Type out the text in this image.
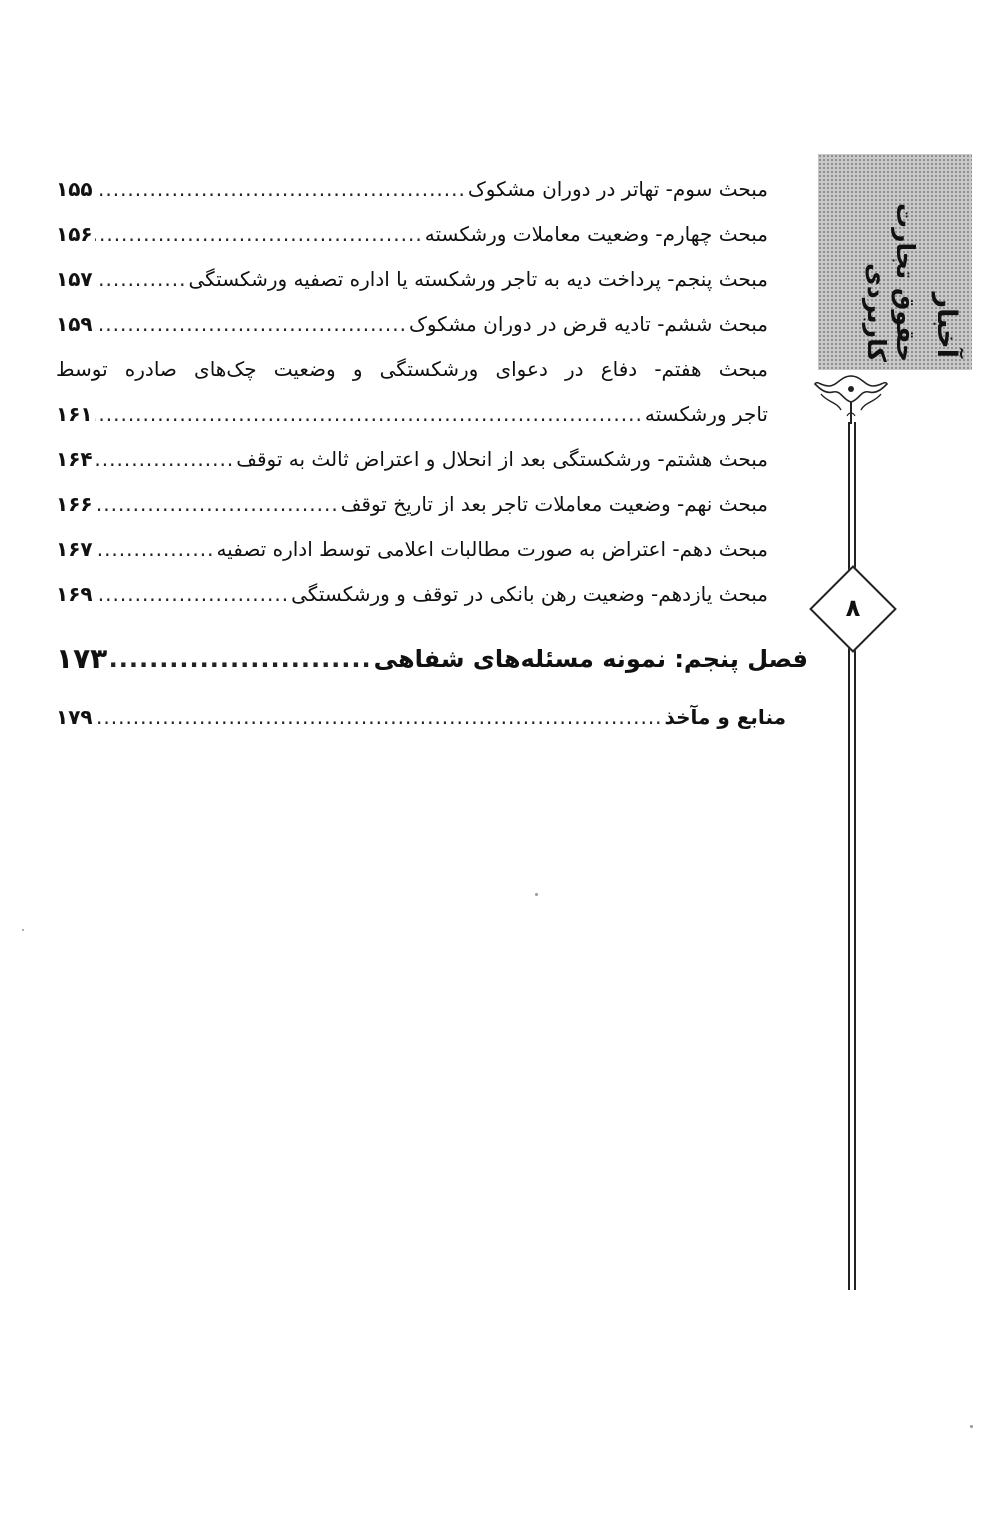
آخبار
حقوق تجارت کاربردی
۸
مبحث سوم- تهاتر در دوران مشکوک
.....
۱۵۵
مبحث چهارم- وضعیت معاملات ورشکسته
.....
۱۵۶
مبحث پنجم- پرداخت دیه به تاجر ورشکسته یا اداره تصفیه ورشکستگی
.....
۱۵۷
مبحث ششم- تادیه قرض در دوران مشکوک
.....
۱۵۹
مبحث هفتم- دفاع در دعوای ورشکستگی و وضعیت چک‌های صادره توسط
تاجر ورشکسته
.....
۱۶۱
مبحث هشتم- ورشکستگی بعد از انحلال و اعتراض ثالث به توقف
.....
۱۶۴
مبحث نهم- وضعیت معاملات تاجر بعد از تاریخ توقف
.....
۱۶۶
مبحث دهم- اعتراض به صورت مطالبات اعلامی توسط اداره تصفیه
.....
۱۶۷
مبحث یازدهم- وضعیت رهن بانکی در توقف و ورشکستگی
.....
۱۶۹
فصل پنجم: نمونه مسئله‌های شفاهی
.....
۱۷۳
منابع و مآخذ
.....
۱۷۹
